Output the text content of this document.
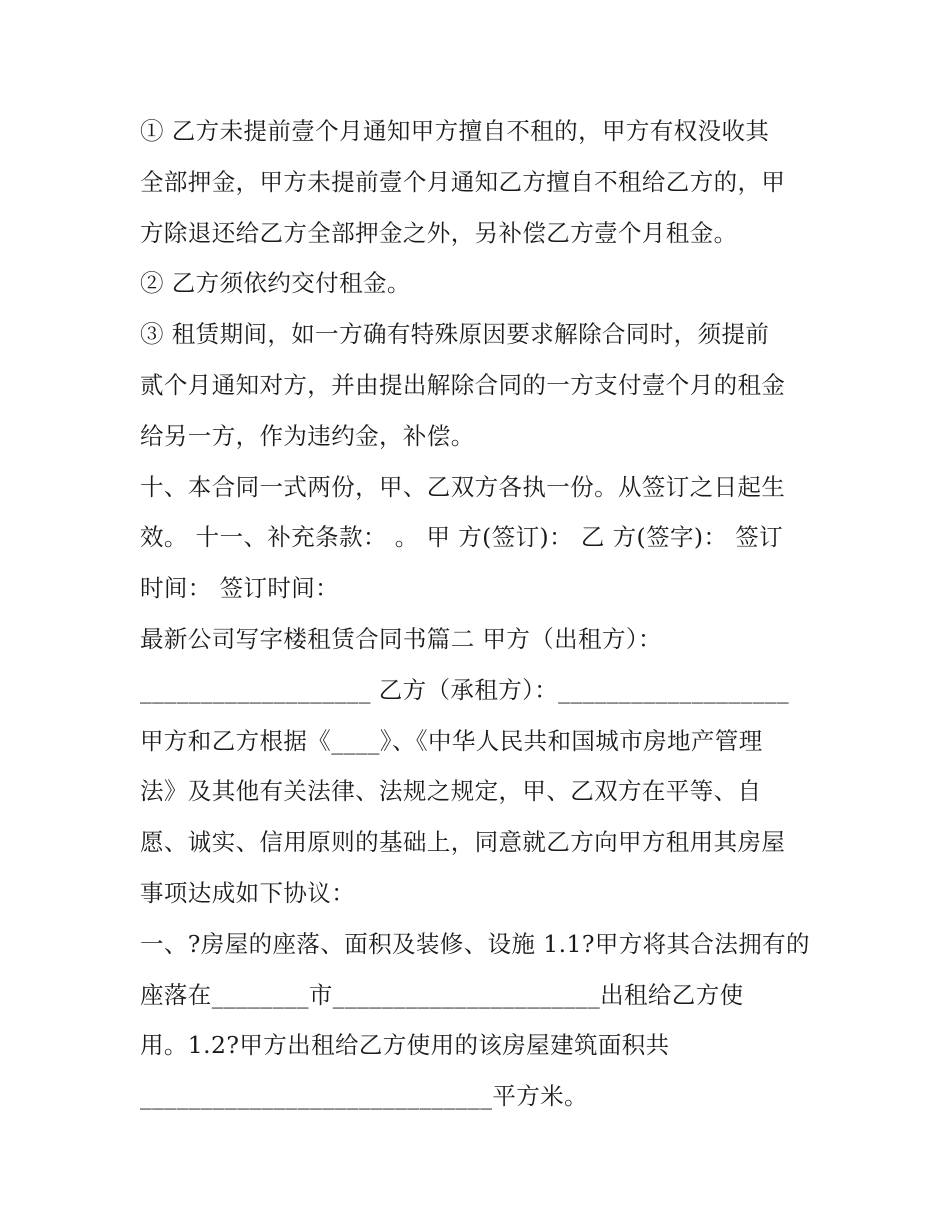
① 乙方未提前壹个月通知甲方擅自不租的，甲方有权没收其
全部押金，甲方未提前壹个月通知乙方擅自不租给乙方的，甲
方除退还给乙方全部押金之外，另补偿乙方壹个月租金。
② 乙方须依约交付租金。
③ 租赁期间，如一方确有特殊原因要求解除合同时，须提前
贰个月通知对方，并由提出解除合同的一方支付壹个月的租金
给另一方，作为违约金，补偿。
十、本合同一式两份，甲、乙双方各执一份。从签订之日起生
效。 十一、补充条款： 。 甲 方(签订)： 乙 方(签字)： 签订
时间： 签订时间：
最新公司写字楼租赁合同书篇二 甲方（出租方）：
___________________ 乙方（承租方）：___________________
甲方和乙方根据《____》、《中华人民共和国城市房地产管理
法》及其他有关法律、法规之规定，甲、乙双方在平等、自
愿、诚实、信用原则的基础上，同意就乙方向甲方租用其房屋
事项达成如下协议：
一、?房屋的座落、面积及装修、设施 1.1?甲方将其合法拥有的
座落在________市______________________出租给乙方使
用。1.2?甲方出租给乙方使用的该房屋建筑面积共
_____________________________平方米。
